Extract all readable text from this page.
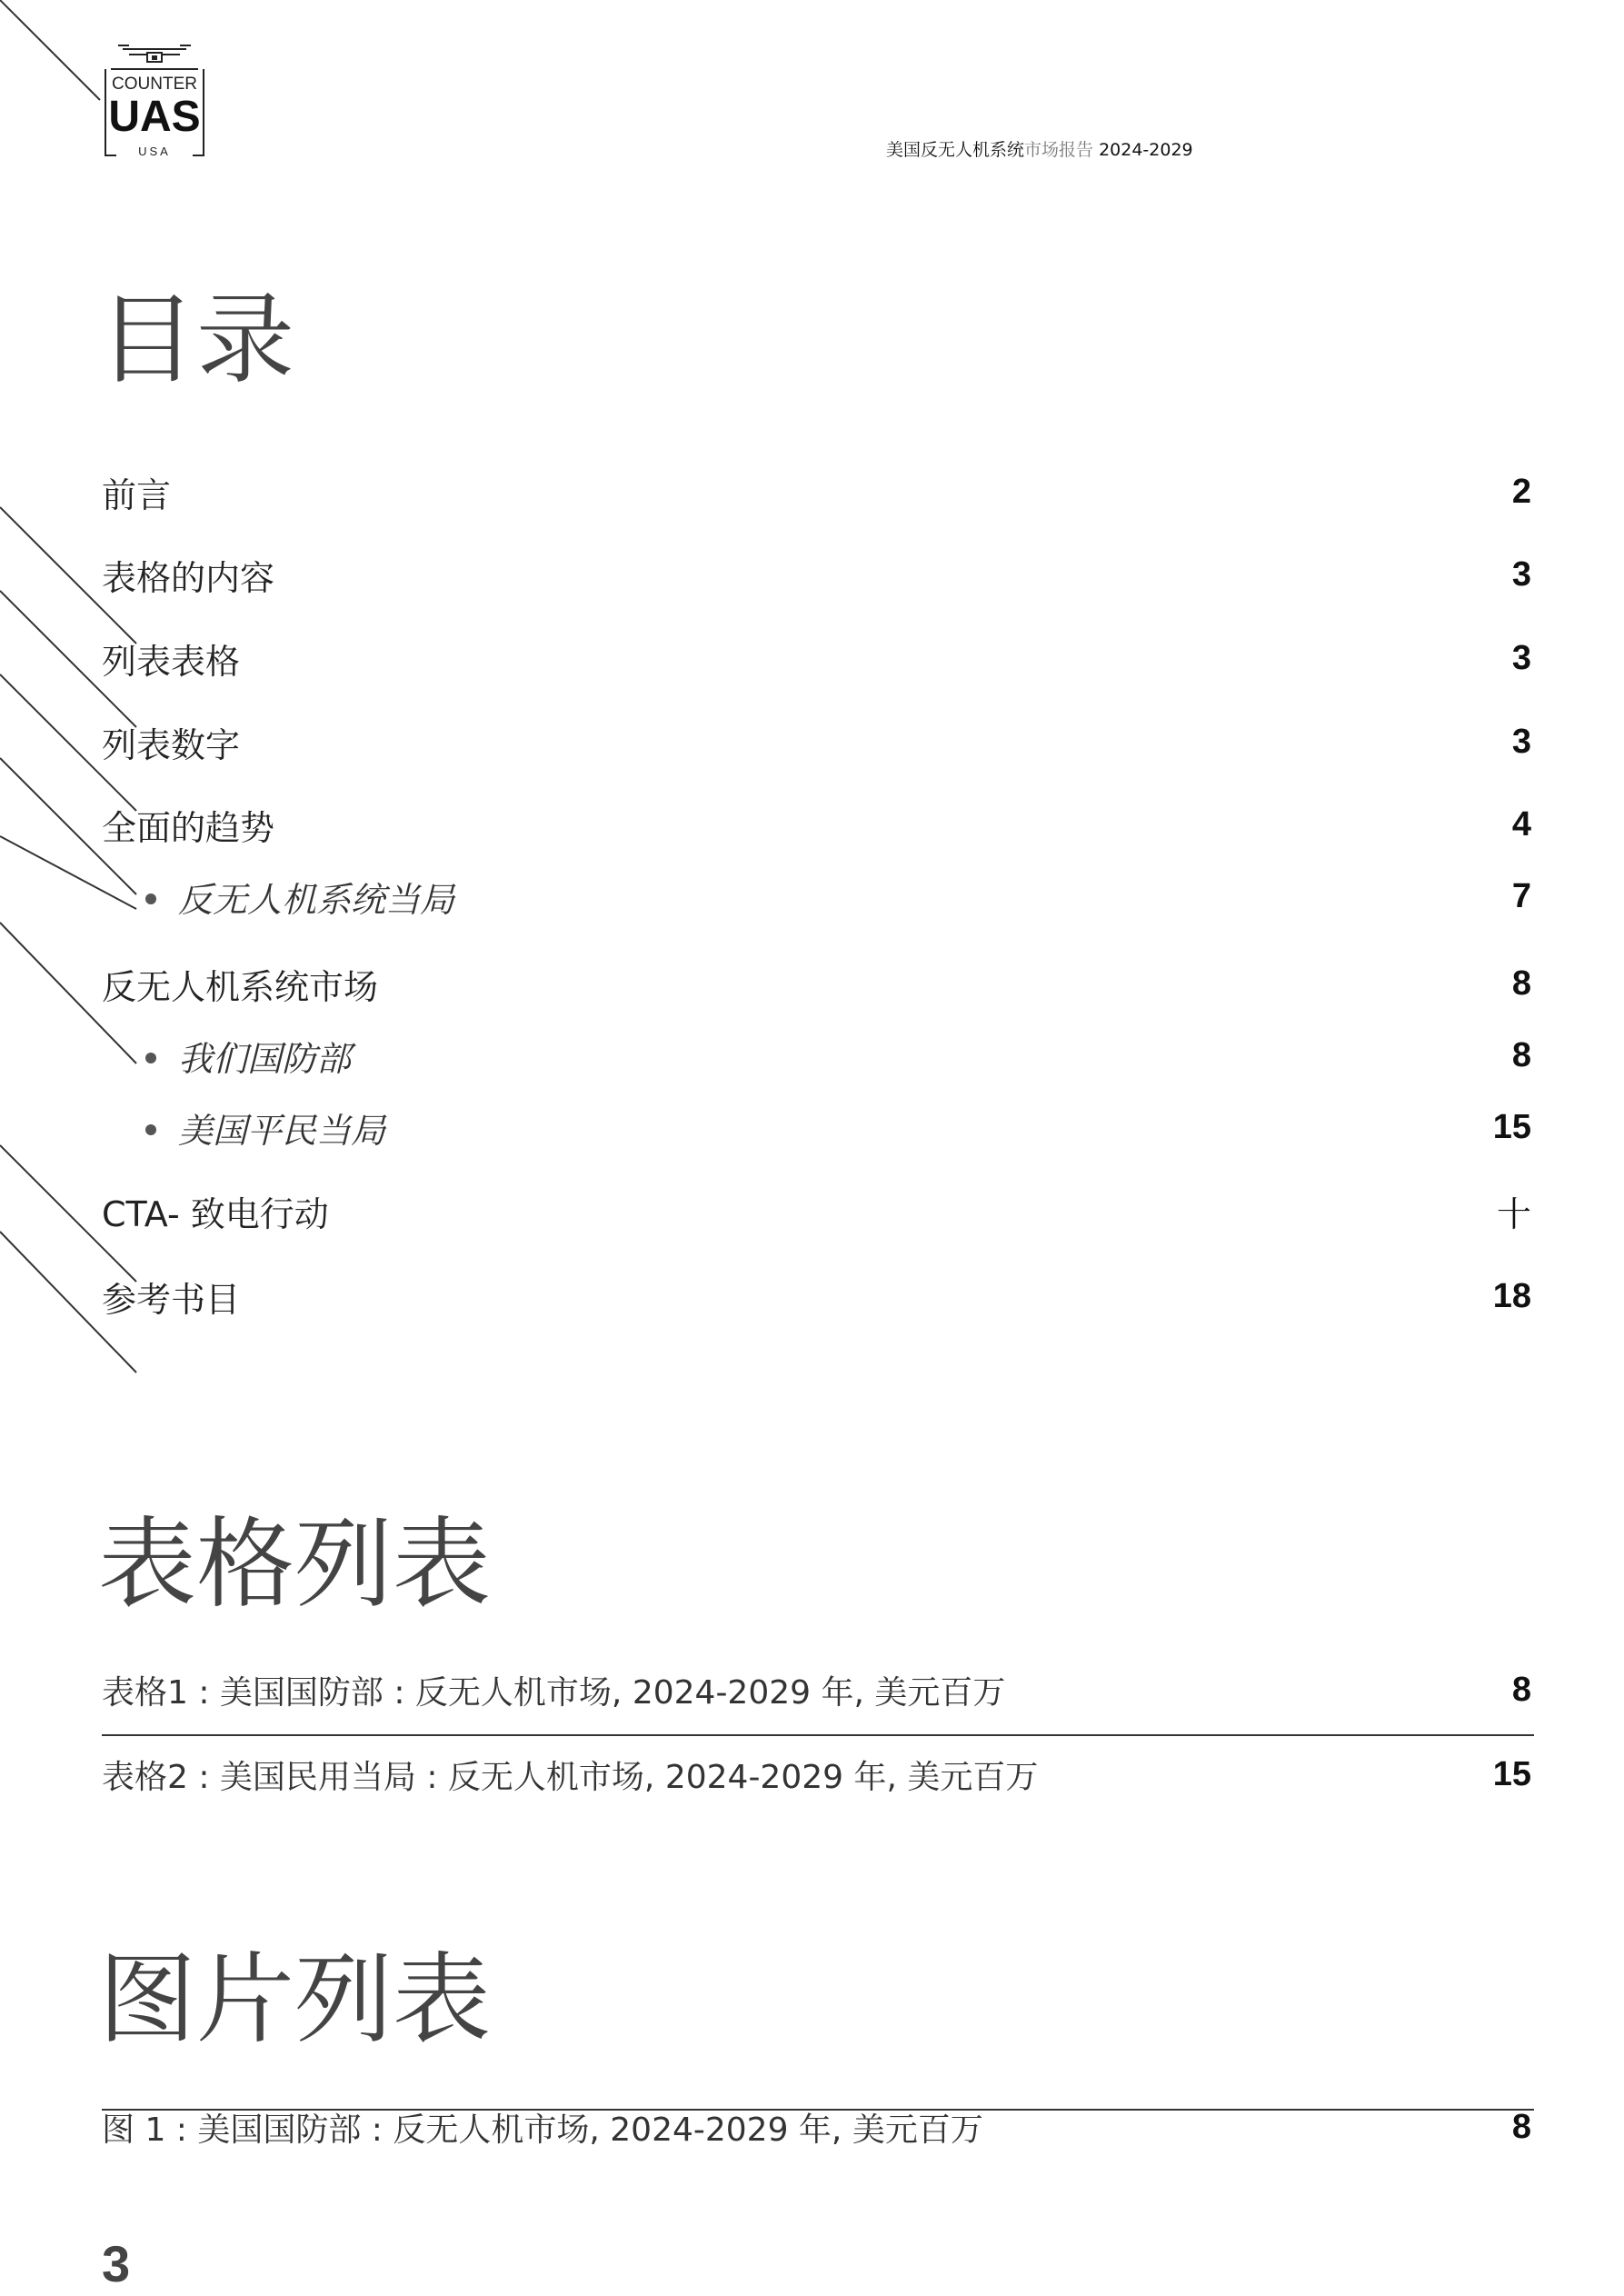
COUNTER
UAS
USA	美国反无人机系统市场报告 2024-2029
目录
前言	2
表格的内容	3
列表表格	3
列表数字	3
全面的趋势	4
反无人机系统当局	7
反无人机系统市场	8
我们国防部	8
美国平民当局	15
CTA- 致电行动	十
参考书目	18
表格列表
表格1 : 美国国防部 : 反无人机市场, 2024-2029 年, 美元百万	8
表格2 : 美国民用当局 : 反无人机市场, 2024-2029 年, 美元百万	15
图片列表
图 1 : 美国国防部 : 反无人机市场, 2024-2029 年, 美元百万	8
3
